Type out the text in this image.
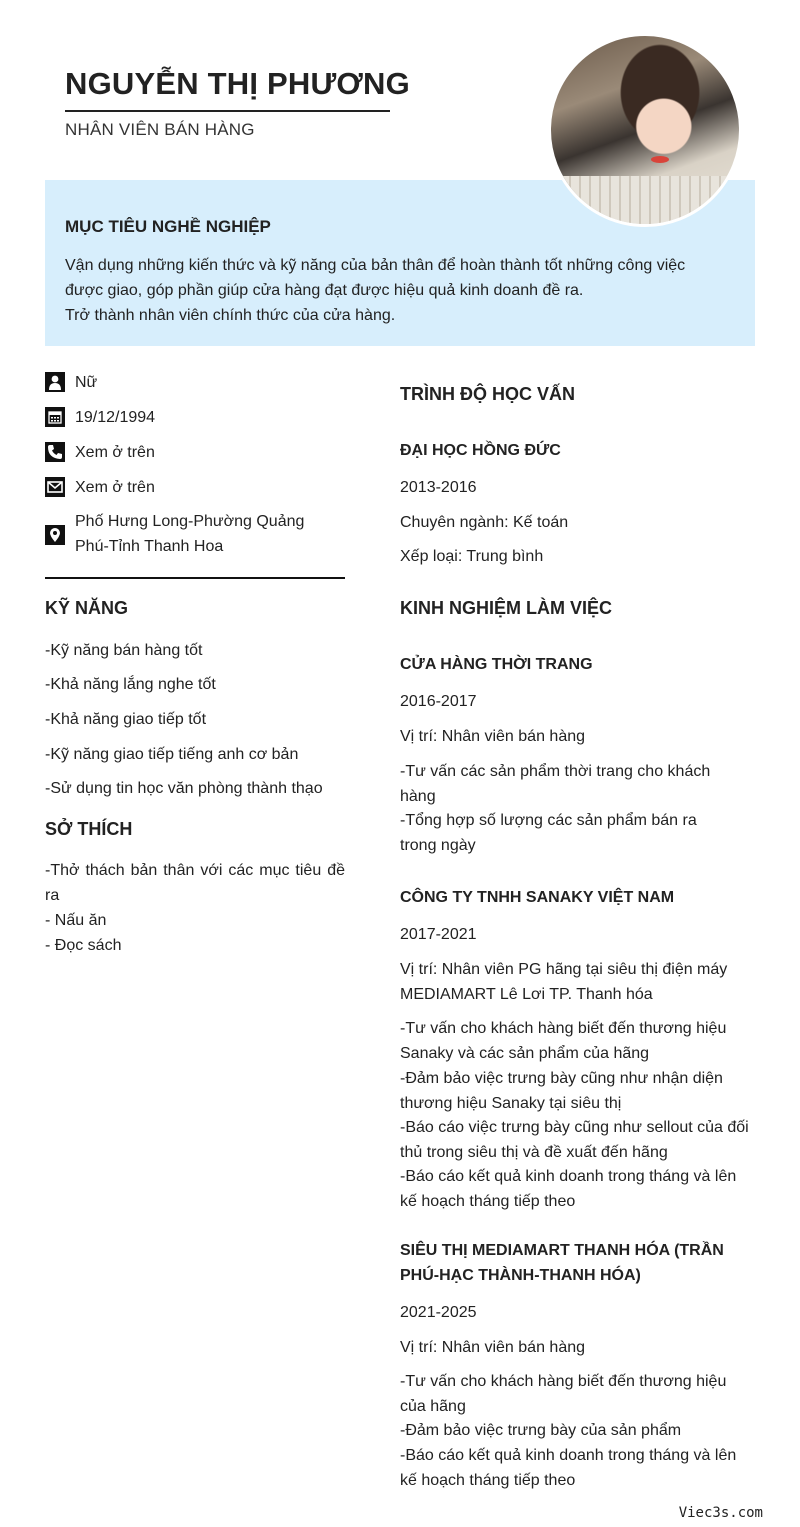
NGUYỄN THỊ PHƯƠNG
NHÂN VIÊN BÁN HÀNG
MỤC TIÊU NGHỀ NGHIỆP
Vận dụng những kiến thức và kỹ năng của bản thân để hoàn thành tốt những công việc
được giao, góp phần giúp cửa hàng đạt được hiệu quả kinh doanh đề ra.
Trở thành nhân viên chính thức của cửa hàng.
Nữ
19/12/1994
Xem ở trên
Xem ở trên
Phố Hưng Long-Phường Quảng Phú-Tỉnh Thanh Hoa
KỸ NĂNG
-Kỹ năng bán hàng tốt
-Khả năng lắng nghe tốt
-Khả năng giao tiếp tốt
-Kỹ năng giao tiếp tiếng anh cơ bản
-Sử dụng tin học văn phòng thành thạo
SỞ THÍCH
-Thở thách bản thân với các mục tiêu đề ra
- Nấu ăn
- Đọc sách
TRÌNH ĐỘ HỌC VẤN
ĐẠI HỌC HỒNG ĐỨC
2013-2016
Chuyên ngành: Kế toán
Xếp loại: Trung bình
KINH NGHIỆM LÀM VIỆC
CỬA HÀNG THỜI TRANG
2016-2017
Vị trí: Nhân viên bán hàng
-Tư vấn các sản phẩm thời trang cho khách hàng
-Tổng hợp số lượng các sản phẩm bán ra trong ngày
CÔNG TY TNHH SANAKY VIỆT NAM
2017-2021
Vị trí: Nhân viên PG hãng tại siêu thị điện máy MEDIAMART Lê Lơi TP. Thanh hóa
-Tư vấn cho khách hàng biết đến thương hiệu Sanaky và các sản phẩm của hãng
-Đảm bảo việc trưng bày cũng như nhận diện thương hiệu Sanaky tại siêu thị
-Báo cáo việc trưng bày cũng như sellout của đối thủ trong siêu thị và đề xuất đến hãng
-Báo cáo kết quả kinh doanh trong tháng và lên kế hoạch tháng tiếp theo
SIÊU THỊ MEDIAMART THANH HÓA (TRẦN PHÚ-HẠC THÀNH-THANH HÓA)
2021-2025
Vị trí: Nhân viên bán hàng
-Tư vấn cho khách hàng biết đến thương hiệu của hãng
-Đảm bảo việc trưng bày của sản phẩm
-Báo cáo kết quả kinh doanh trong tháng và lên kế hoạch tháng tiếp theo
Viec3s.com
